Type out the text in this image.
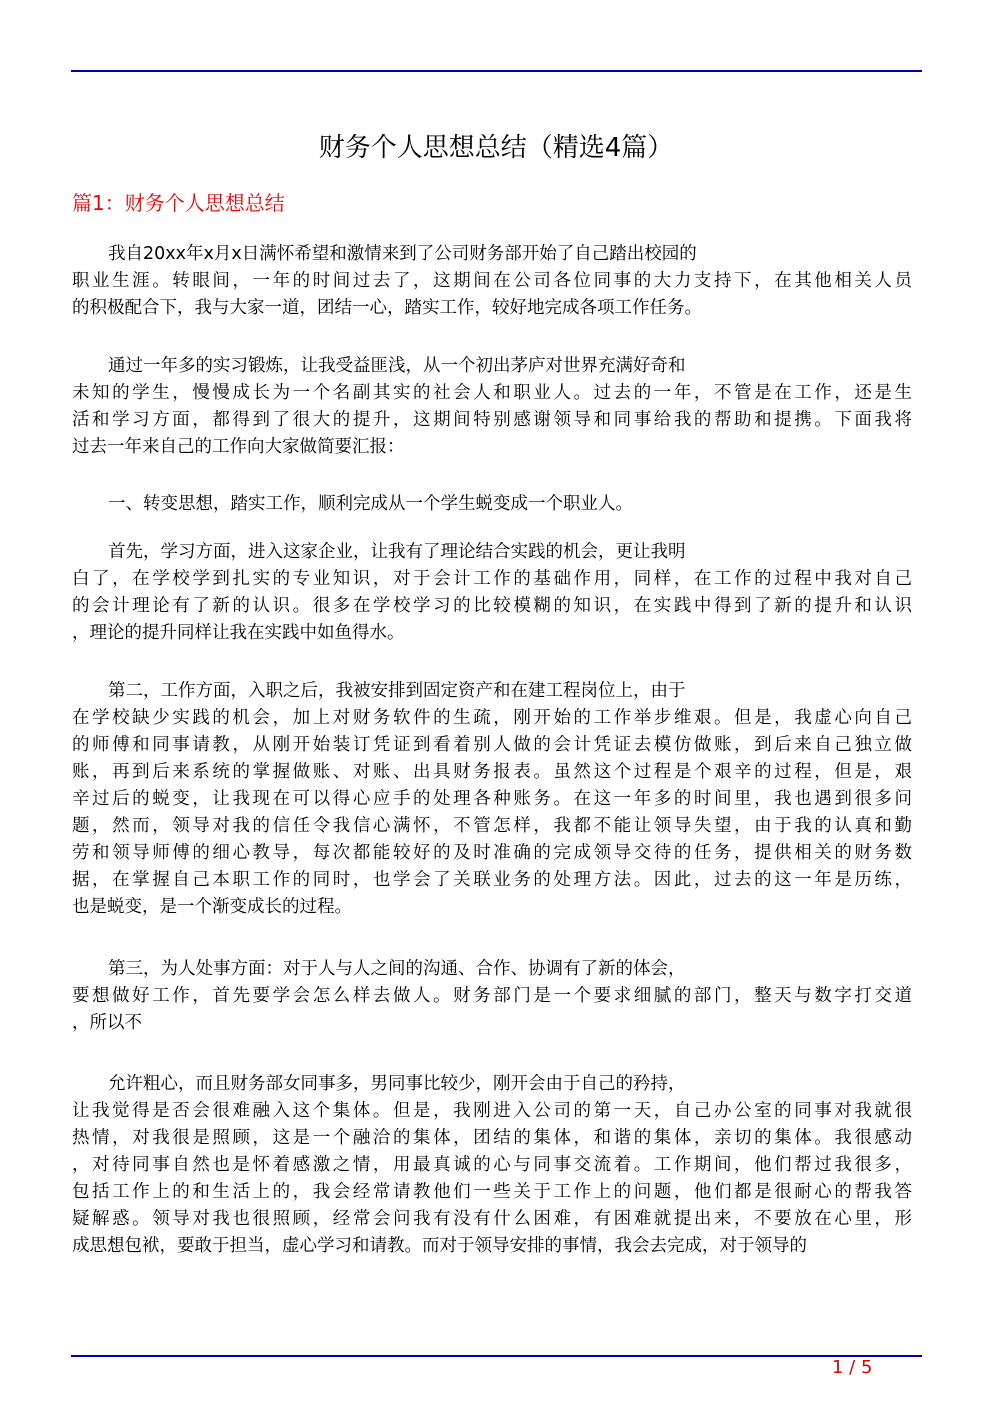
财务个人思想总结（精选4篇）
篇1：财务个人思想总结
我自20xx年x月x日满怀希望和激情来到了公司财务部开始了自己踏出校园的
职业生涯。转眼间，一年的时间过去了，这期间在公司各位同事的大力支持下，在其他相关人员
的积极配合下，我与大家一道，团结一心，踏实工作，较好地完成各项工作任务。
通过一年多的实习锻炼，让我受益匪浅，从一个初出茅庐对世界充满好奇和
未知的学生，慢慢成长为一个名副其实的社会人和职业人。过去的一年，不管是在工作，还是生
活和学习方面，都得到了很大的提升，这期间特别感谢领导和同事给我的帮助和提携。下面我将
过去一年来自己的工作向大家做简要汇报：
一、转变思想，踏实工作，顺利完成从一个学生蜕变成一个职业人。
首先，学习方面，进入这家企业，让我有了理论结合实践的机会，更让我明
白了，在学校学到扎实的专业知识，对于会计工作的基础作用，同样，在工作的过程中我对自己
的会计理论有了新的认识。很多在学校学习的比较模糊的知识，在实践中得到了新的提升和认识
，理论的提升同样让我在实践中如鱼得水。
第二，工作方面，入职之后，我被安排到固定资产和在建工程岗位上，由于
在学校缺少实践的机会，加上对财务软件的生疏，刚开始的工作举步维艰。但是，我虚心向自己
的师傅和同事请教，从刚开始装订凭证到看着别人做的会计凭证去模仿做账，到后来自己独立做
账，再到后来系统的掌握做账、对账、出具财务报表。虽然这个过程是个艰辛的过程，但是，艰
辛过后的蜕变，让我现在可以得心应手的处理各种账务。在这一年多的时间里，我也遇到很多问
题，然而，领导对我的信任令我信心满怀，不管怎样，我都不能让领导失望，由于我的认真和勤
劳和领导师傅的细心教导，每次都能较好的及时准确的完成领导交待的任务，提供相关的财务数
据，在掌握自己本职工作的同时，也学会了关联业务的处理方法。因此，过去的这一年是历练，
也是蜕变，是一个渐变成长的过程。
第三，为人处事方面：对于人与人之间的沟通、合作、协调有了新的体会，
要想做好工作，首先要学会怎么样去做人。财务部门是一个要求细腻的部门，整天与数字打交道
，所以不
允许粗心，而且财务部女同事多，男同事比较少，刚开会由于自己的矜持，
让我觉得是否会很难融入这个集体。但是，我刚进入公司的第一天，自己办公室的同事对我就很
热情，对我很是照顾，这是一个融洽的集体，团结的集体，和谐的集体，亲切的集体。我很感动
，对待同事自然也是怀着感激之情，用最真诚的心与同事交流着。工作期间，他们帮过我很多，
包括工作上的和生活上的，我会经常请教他们一些关于工作上的问题，他们都是很耐心的帮我答
疑解惑。领导对我也很照顾，经常会问我有没有什么困难，有困难就提出来，不要放在心里，形
成思想包袱，要敢于担当，虚心学习和请教。而对于领导安排的事情，我会去完成，对于领导的
1 / 5
